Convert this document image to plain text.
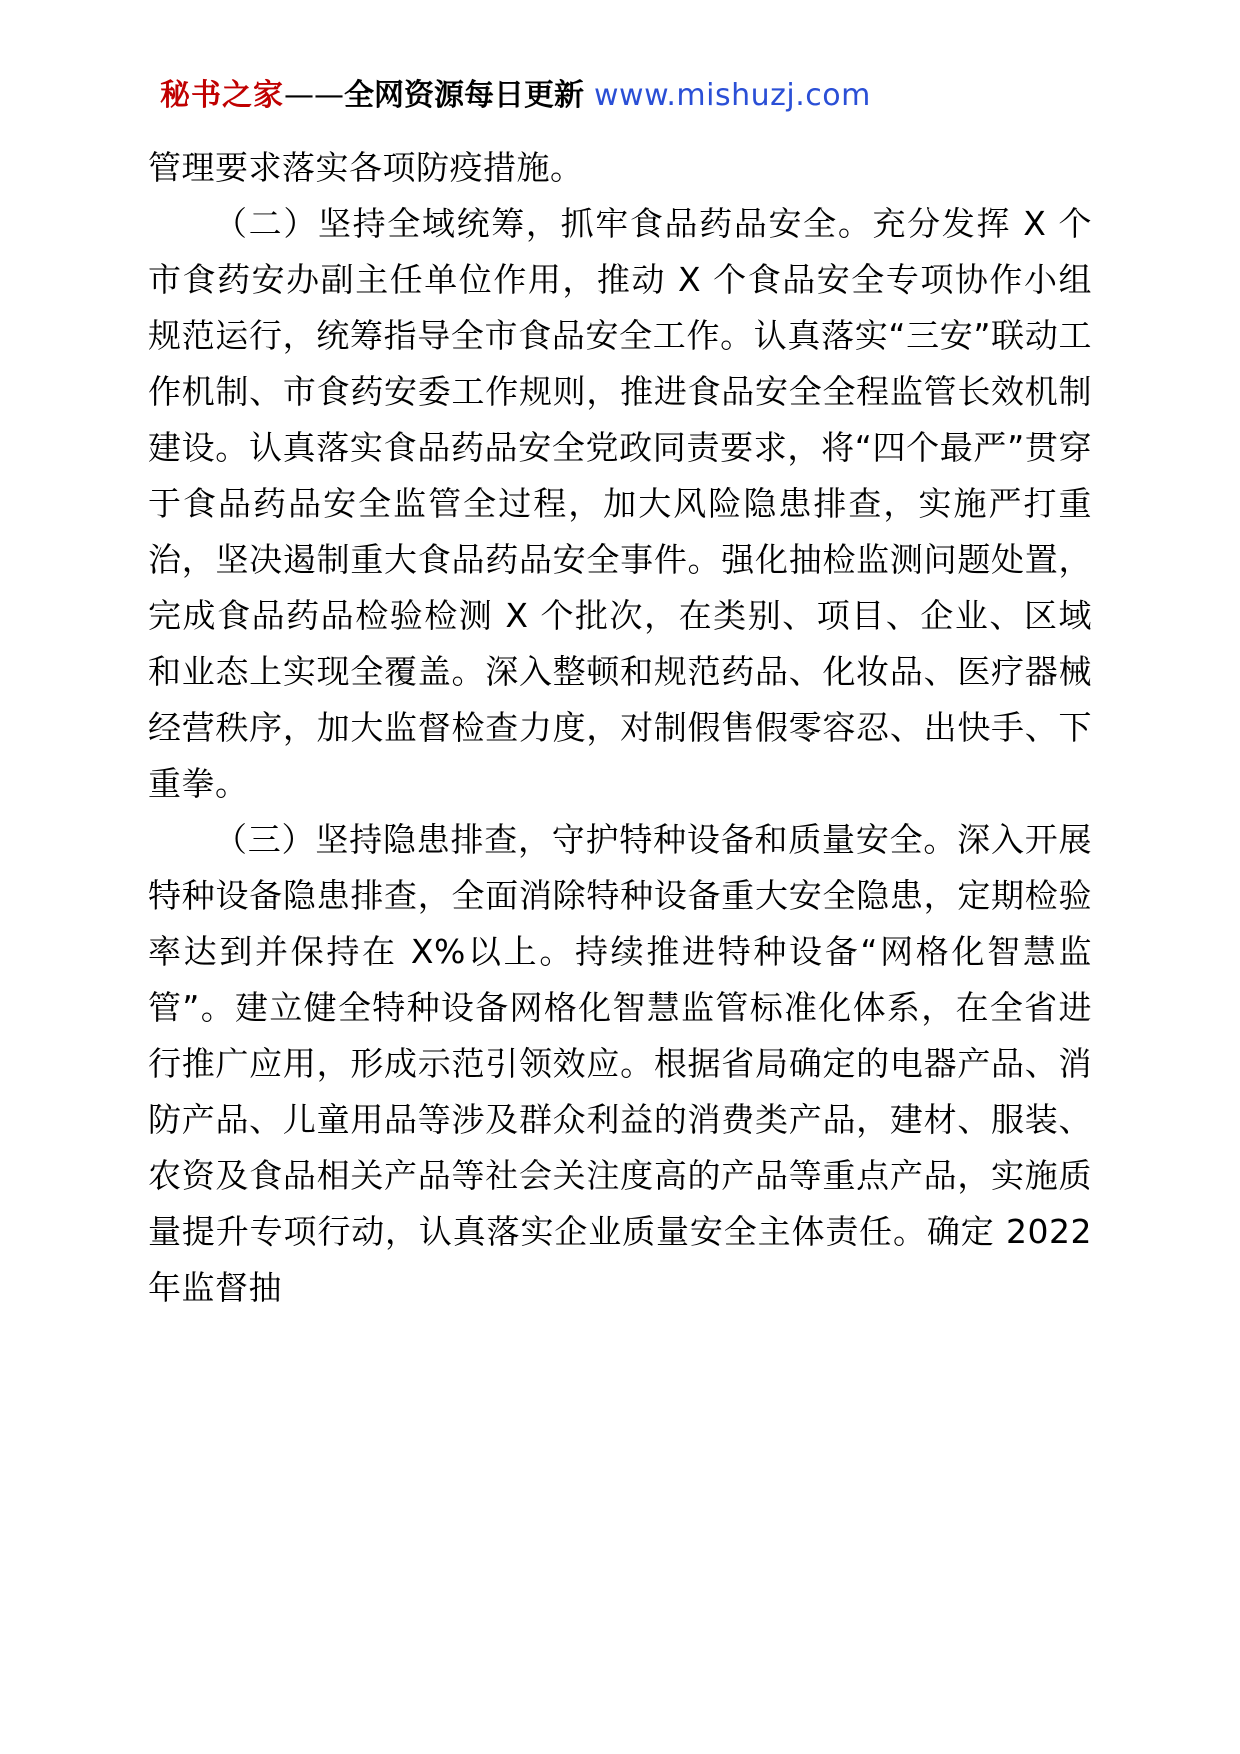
秘书之家——全网资源每日更新 www.mishuzj.com

管理要求落实各项防疫措施。

（二）坚持全域统筹，抓牢食品药品安全。充分发挥 X 个市食药安办副主任单位作用，推动 X 个食品安全专项协作小组规范运行，统筹指导全市食品安全工作。认真落实“三安”联动工作机制、市食药安委工作规则，推进食品安全全程监管长效机制建设。认真落实食品药品安全党政同责要求，将“四个最严”贯穿于食品药品安全监管全过程，加大风险隐患排查，实施严打重治，坚决遏制重大食品药品安全事件。强化抽检监测问题处置，完成食品药品检验检测 X 个批次，在类别、项目、企业、区域和业态上实现全覆盖。深入整顿和规范药品、化妆品、医疗器械经营秩序，加大监督检查力度，对制假售假零容忍、出快手、下重拳。

（三）坚持隐患排查，守护特种设备和质量安全。深入开展特种设备隐患排查，全面消除特种设备重大安全隐患，定期检验率达到并保持在 X%以上。持续推进特种设备“网格化智慧监管”。建立健全特种设备网格化智慧监管标准化体系，在全省进行推广应用，形成示范引领效应。根据省局确定的电器产品、消防产品、儿童用品等涉及群众利益的消费类产品，建材、服装、农资及食品相关产品等社会关注度高的产品等重点产品，实施质量提升专项行动，认真落实企业质量安全主体责任。确定 2022 年监督抽
